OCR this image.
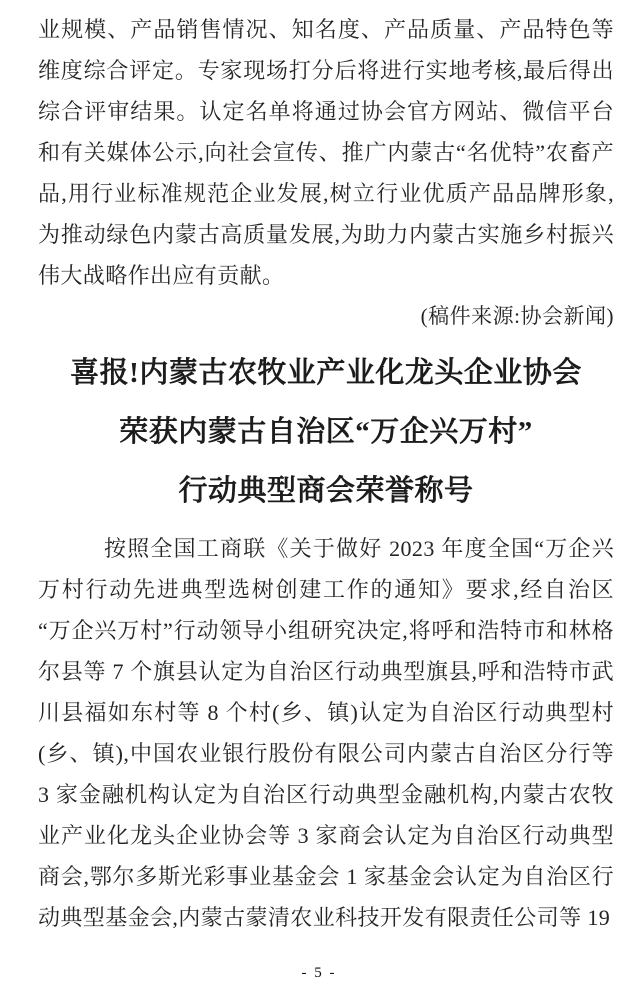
业规模、产品销售情况、知名度、产品质量、产品特色等维度综合评定。专家现场打分后将进行实地考核,最后得出综合评审结果。认定名单将通过协会官方网站、微信平台和有关媒体公示,向社会宣传、推广内蒙古“名优特”农畜产品,用行业标准规范企业发展,树立行业优质产品品牌形象,为推动绿色内蒙古高质量发展,为助力内蒙古实施乡村振兴伟大战略作出应有贡献。

(稿件来源:协会新闻)

喜报!内蒙古农牧业产业化龙头企业协会
荣获内蒙古自治区“万企兴万村”
行动典型商会荣誉称号

按照全国工商联《关于做好 2023 年度全国“万企兴万村行动先进典型选树创建工作的通知》要求,经自治区“万企兴万村”行动领导小组研究决定,将呼和浩特市和林格尔县等 7 个旗县认定为自治区行动典型旗县,呼和浩特市武川县福如东村等 8 个村(乡、镇)认定为自治区行动典型村(乡、镇),中国农业银行股份有限公司内蒙古自治区分行等 3 家金融机构认定为自治区行动典型金融机构,内蒙古农牧业产业化龙头企业协会等 3 家商会认定为自治区行动典型商会,鄂尔多斯光彩事业基金会 1 家基金会认定为自治区行动典型基金会,内蒙古蒙清农业科技开发有限责任公司等 19

- 5 -
